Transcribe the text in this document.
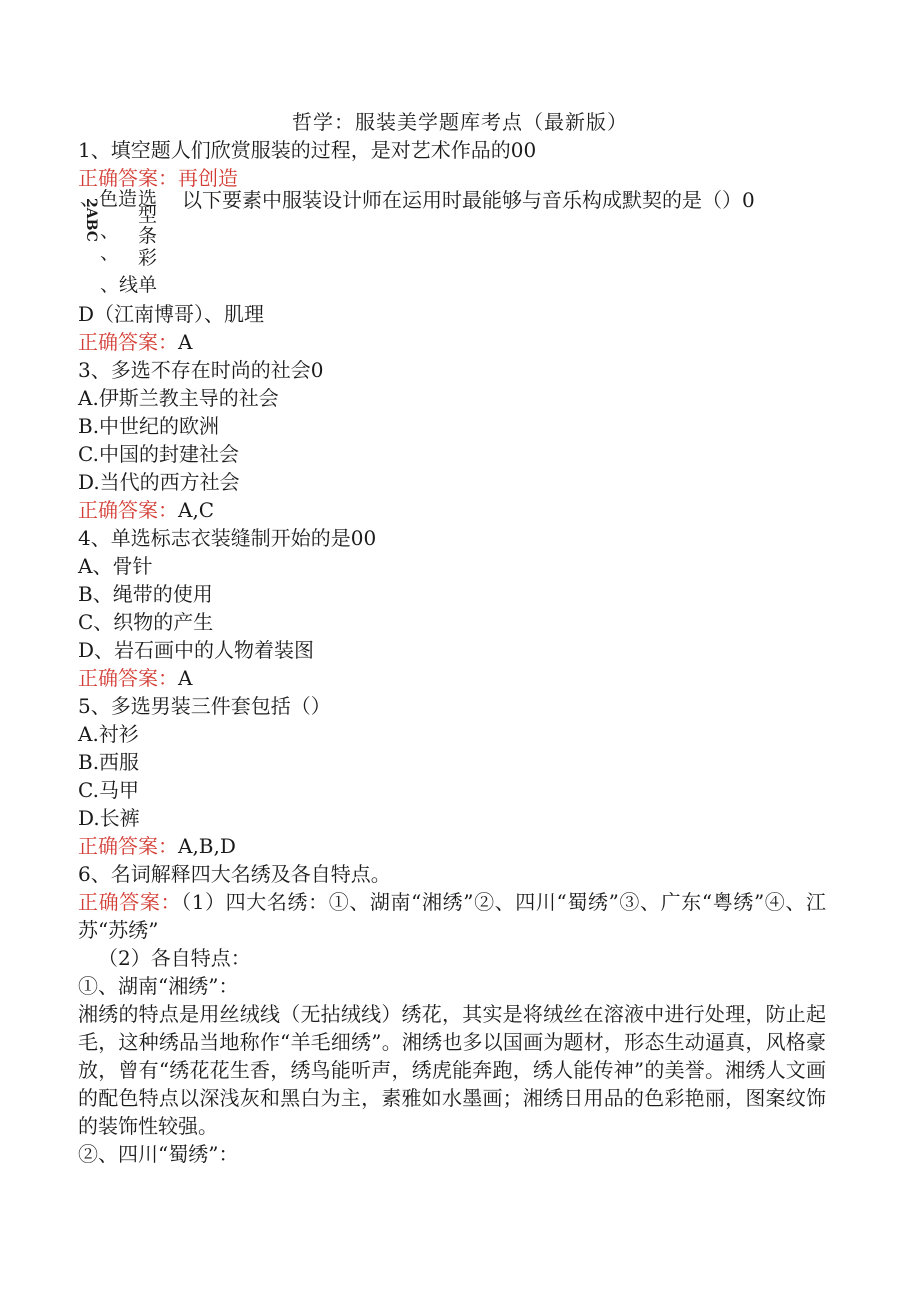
哲学：服装美学题库考点（最新版）
1、填空题人们欣赏服装的过程，是对艺术作品的00
正确答案：再创造
、色造 选
型
2ABC 、 条
、 彩
、线单
以下要素中服装设计师在运用时最能够与音乐构成默契的是（）0
D（江南博哥）、肌理
正确答案：A
3、多选不存在时尚的社会0
A.伊斯兰教主导的社会
B.中世纪的欧洲
C.中国的封建社会
D.当代的西方社会
正确答案：A,C
4、单选标志衣装缝制开始的是00
A、骨针
B、绳带的使用
C、织物的产生
D、岩石画中的人物着装图
正确答案：A
5、多选男装三件套包括（）
A.衬衫
B.西服
C.马甲
D.长裤
正确答案：A,B,D
6、名词解释四大名绣及各自特点。
正确答案：（1）四大名绣：①、湖南“湘绣”②、四川“蜀绣”③、广东“粤绣”④、江苏“苏绣”
（2）各自特点：
①、湖南“湘绣”：
湘绣的特点是用丝绒线（无拈绒线）绣花，其实是将绒丝在溶液中进行处理，防止起毛，这种绣品当地称作“羊毛细绣”。湘绣也多以国画为题材，形态生动逼真，风格豪放，曾有“绣花花生香，绣鸟能听声，绣虎能奔跑，绣人能传神”的美誉。湘绣人文画的配色特点以深浅灰和黑白为主，素雅如水墨画；湘绣日用品的色彩艳丽，图案纹饰的装饰性较强。
②、四川“蜀绣”：
